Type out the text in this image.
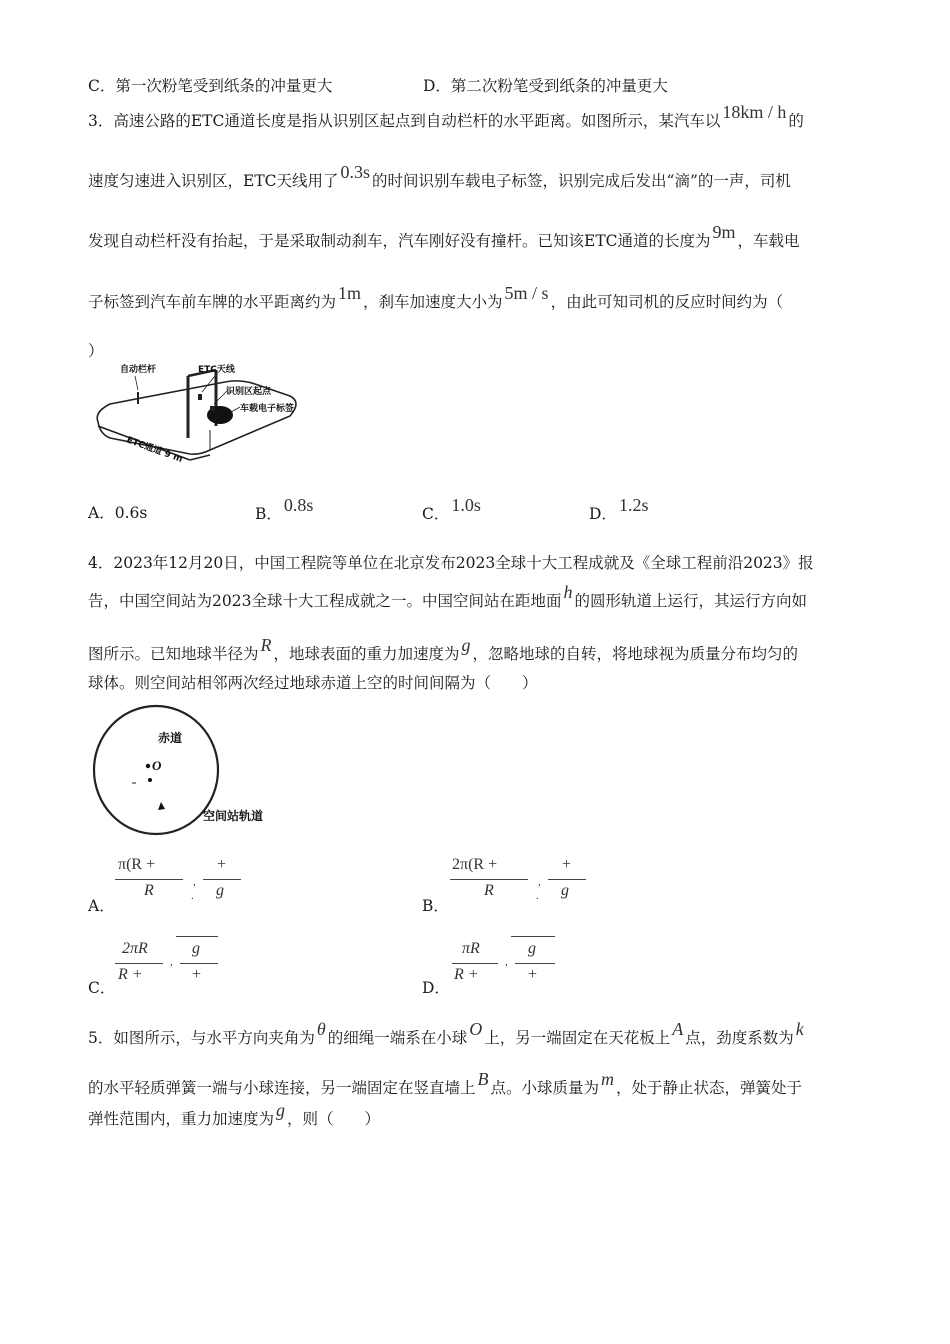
C．第一次粉笔受到纸条的冲量更大	D．第二次粉笔受到纸条的冲量更大
3．高速公路的ETC通道长度是指从识别区起点到自动栏杆的水平距离。如图所示，某汽车以 18km / h 的
速度匀速进入识别区，ETC天线用了 0.3s 的时间识别车载电子标签，识别完成后发出“滴”的一声，司机
发现自动栏杆没有抬起，于是采取制动刹车，汽车刚好没有撞杆。已知该ETC通道的长度为 9m ，车载电
子标签到汽车前车牌的水平距离约为 1m ，刹车加速度大小为 5m / s ，由此可知司机的反应时间约为（
）
自动栏杆	ETC天线
识别区起点
车载电子标签
ETC通道 9 m
A．0.6s	B． 0.8s	C． 1.0s	D． 1.2s
4．2023年12月20日，中国工程院等单位在北京发布2023全球十大工程成就及《全球工程前沿2023》报
告，中国空间站为2023全球十大工程成就之一。中国空间站在距地面 h 的圆形轨道上运行，其运行方向如
图所示。已知地球半径为 R ，地球表面的重力加速度为 g ，忽略地球的自转，将地球视为质量分布均匀的
球体。则空间站相邻两次经过地球赤道上空的时间间隔为（　　）
赤道
空间站轨道
O
A．
π(R +
R	,
+
g
.
B．
2π(R +
R	,
+
g
.
C．
2πR
R +
,
g
+
D．
πR
R +
,
g
+
5．如图所示，与水平方向夹角为 θ 的细绳一端系在小球 O 上，另一端固定在天花板上 A 点，劲度系数为 k
的水平轻质弹簧一端与小球连接，另一端固定在竖直墙上 B 点。小球质量为 m ，处于静止状态，弹簧处于
弹性范围内，重力加速度为 g ，则（　　）
